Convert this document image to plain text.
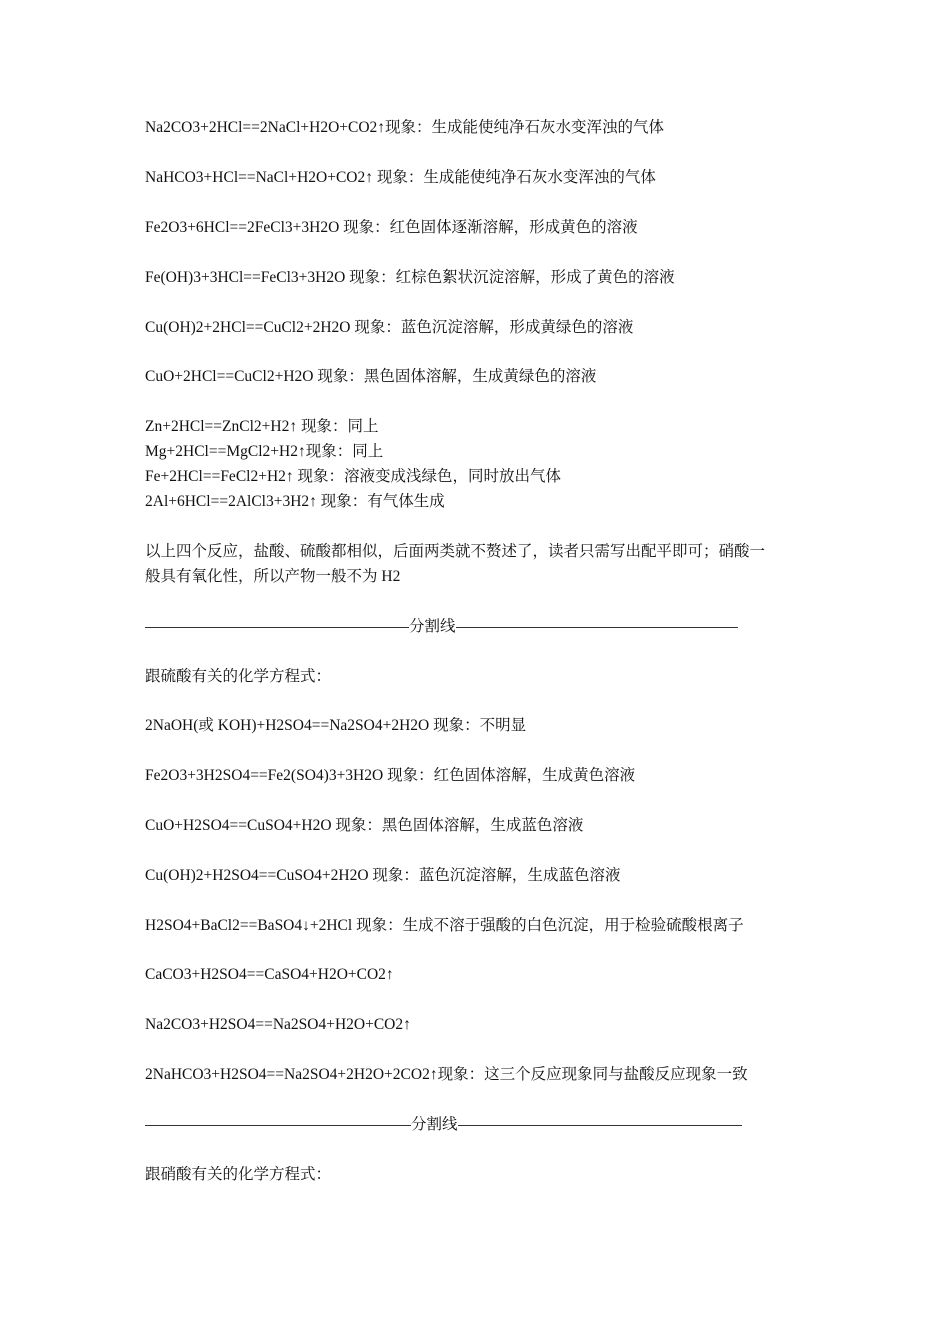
Na2CO3+2HCl==2NaCl+H2O+CO2↑现象：生成能使纯净石灰水变浑浊的气体
NaHCO3+HCl==NaCl+H2O+CO2↑ 现象：生成能使纯净石灰水变浑浊的气体
Fe2O3+6HCl==2FeCl3+3H2O 现象：红色固体逐渐溶解，形成黄色的溶液
Fe(OH)3+3HCl==FeCl3+3H2O 现象：红棕色絮状沉淀溶解，形成了黄色的溶液
Cu(OH)2+2HCl==CuCl2+2H2O 现象：蓝色沉淀溶解，形成黄绿色的溶液
CuO+2HCl==CuCl2+H2O 现象：黑色固体溶解，生成黄绿色的溶液
Zn+2HCl==ZnCl2+H2↑ 现象：同上
Mg+2HCl==MgCl2+H2↑现象：同上
Fe+2HCl==FeCl2+H2↑ 现象：溶液变成浅绿色，同时放出气体
2Al+6HCl==2AlCl3+3H2↑ 现象：有气体生成
以上四个反应，盐酸、硫酸都相似，后面两类就不赘述了，读者只需写出配平即可；硝酸一
般具有氧化性，所以产物一般不为 H2
分割线
跟硫酸有关的化学方程式：
2NaOH(或 KOH)+H2SO4==Na2SO4+2H2O 现象：不明显
Fe2O3+3H2SO4==Fe2(SO4)3+3H2O 现象：红色固体溶解，生成黄色溶液
CuO+H2SO4==CuSO4+H2O 现象：黑色固体溶解，生成蓝色溶液
Cu(OH)2+H2SO4==CuSO4+2H2O 现象：蓝色沉淀溶解，生成蓝色溶液
H2SO4+BaCl2==BaSO4↓+2HCl 现象：生成不溶于强酸的白色沉淀，用于检验硫酸根离子
CaCO3+H2SO4==CaSO4+H2O+CO2↑
Na2CO3+H2SO4==Na2SO4+H2O+CO2↑
2NaHCO3+H2SO4==Na2SO4+2H2O+2CO2↑现象：这三个反应现象同与盐酸反应现象一致
分割线
跟硝酸有关的化学方程式：
